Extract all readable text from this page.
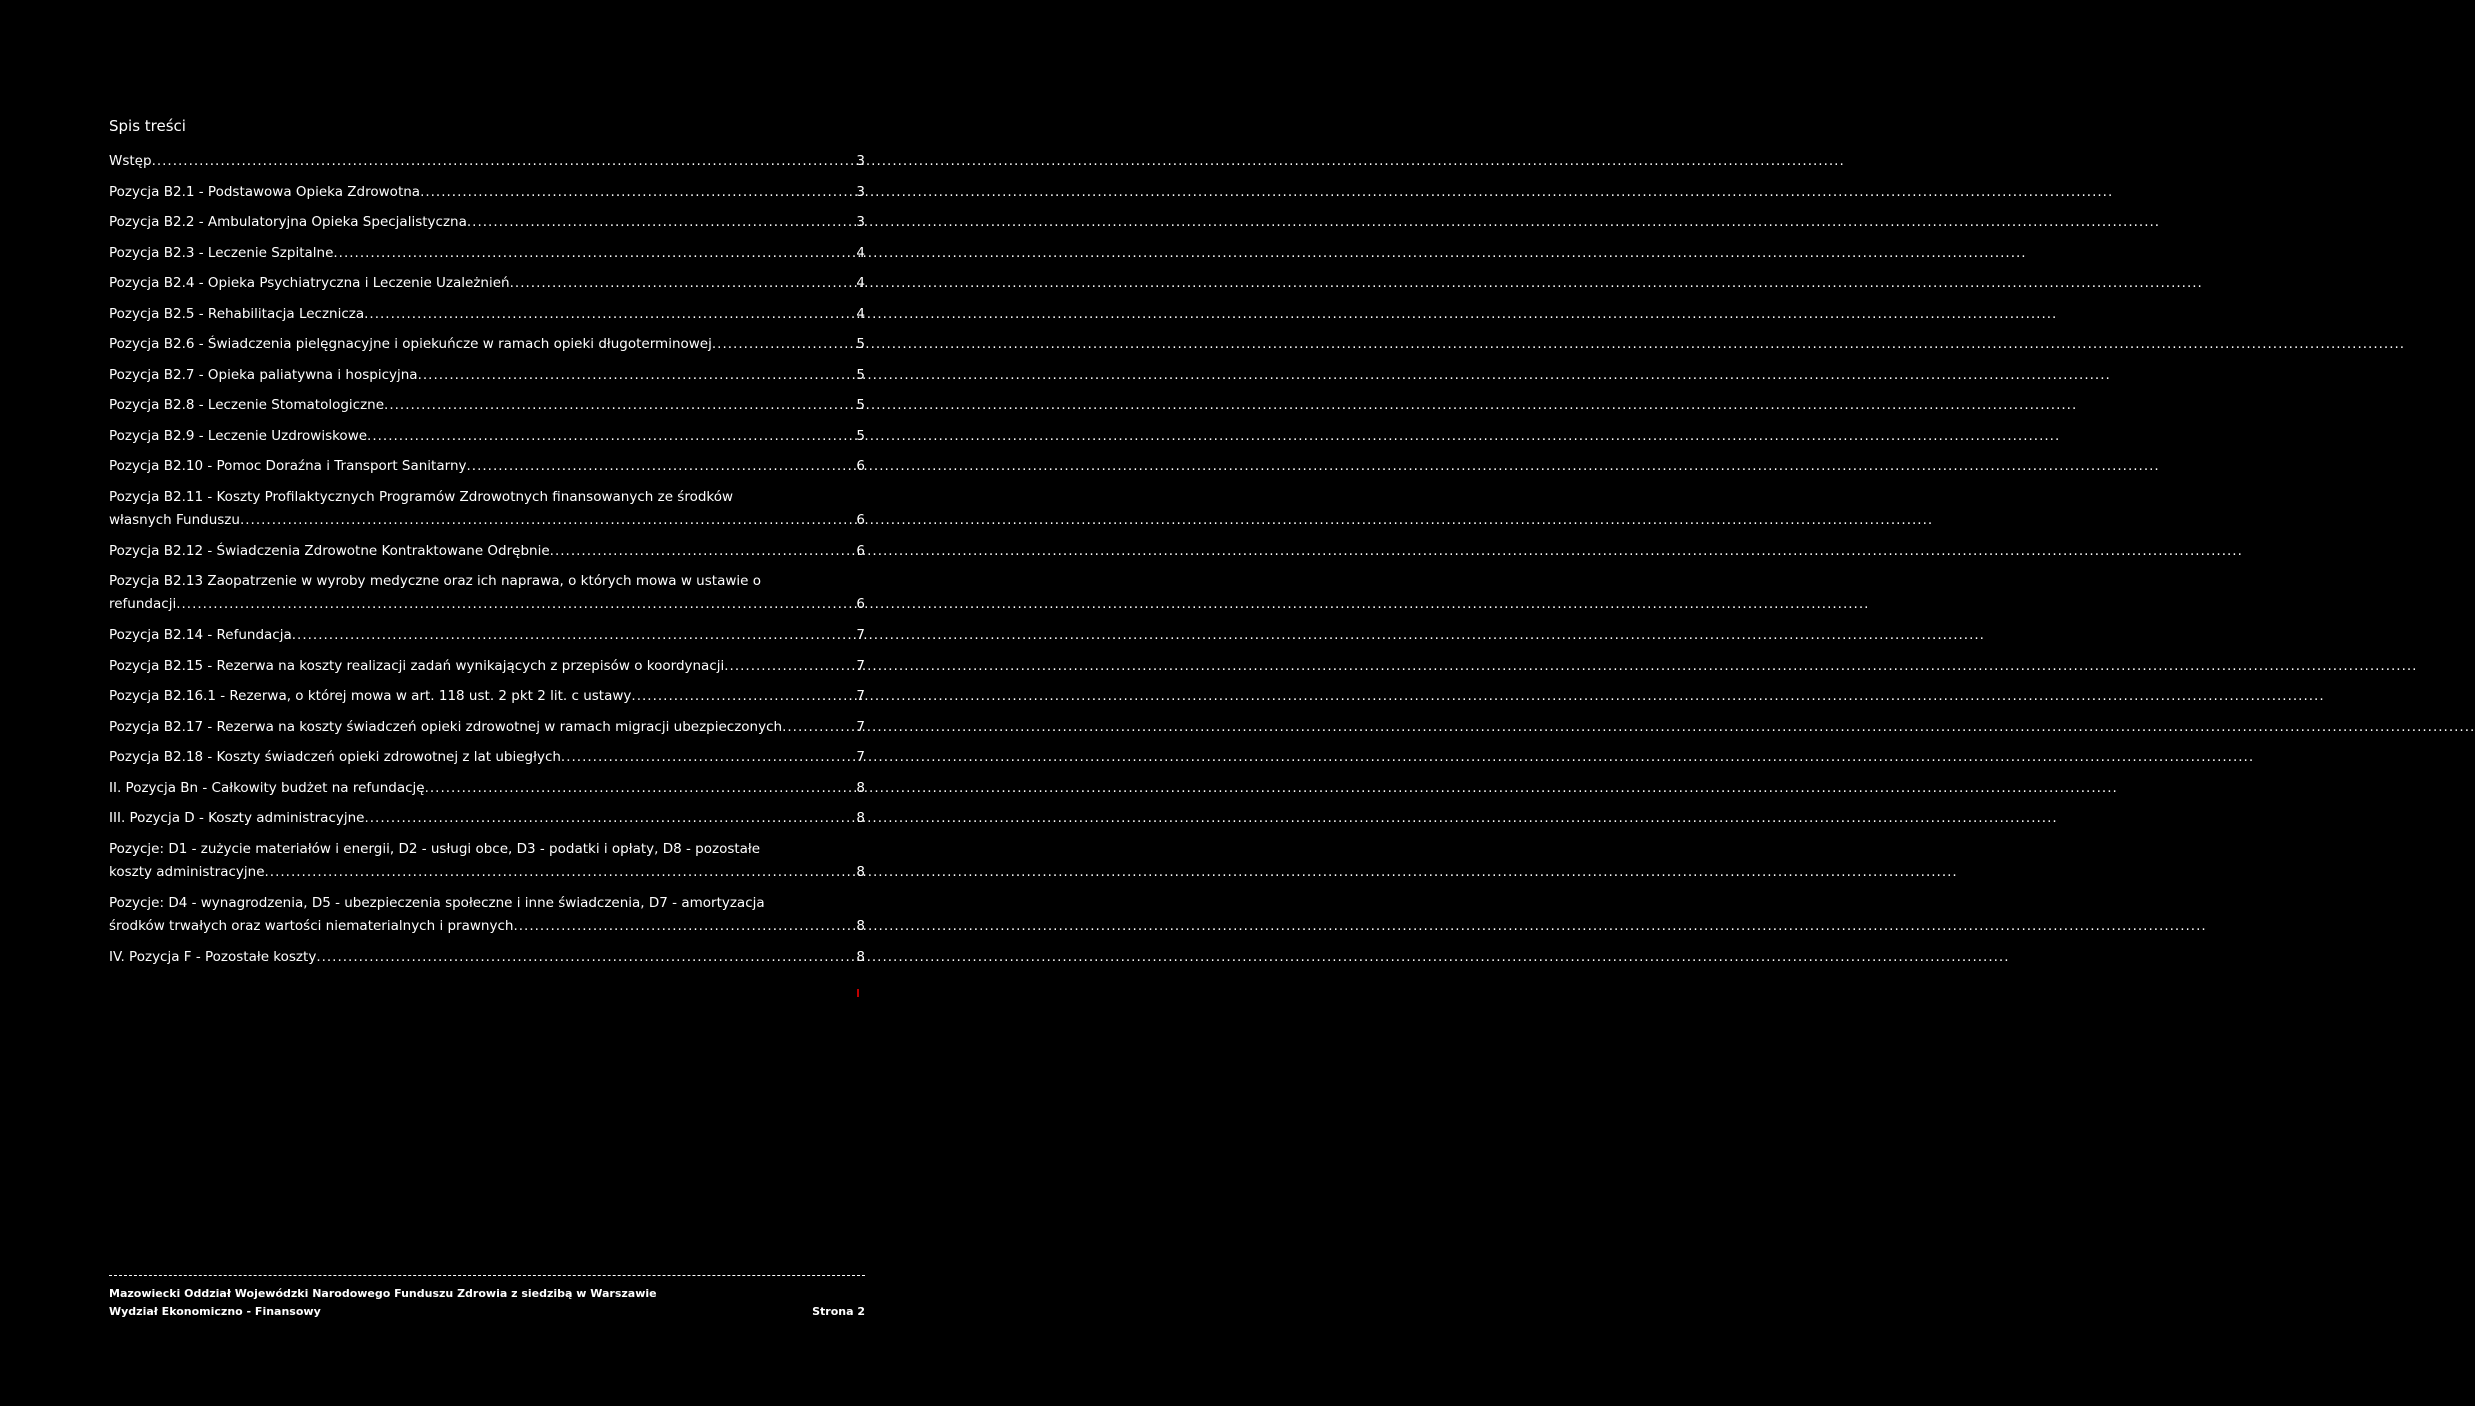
Spis treści
Wstęp .....	3
Pozycja B2.1 - Podstawowa Opieka Zdrowotna .....	3
Pozycja B2.2 - Ambulatoryjna Opieka Specjalistyczna .....	3
Pozycja B2.3 - Leczenie Szpitalne .....	4
Pozycja B2.4 - Opieka Psychiatryczna i Leczenie Uzależnień .....	4
Pozycja B2.5 - Rehabilitacja Lecznicza .....	4
Pozycja B2.6 - Świadczenia pielęgnacyjne i opiekuńcze w ramach opieki długoterminowej .....	5
Pozycja B2.7 - Opieka paliatywna i hospicyjna .....	5
Pozycja B2.8 - Leczenie Stomatologiczne .....	5
Pozycja B2.9 - Leczenie Uzdrowiskowe .....	5
Pozycja B2.10 - Pomoc Doraźna i Transport Sanitarny .....	6
Pozycja B2.11 - Koszty Profilaktycznych Programów Zdrowotnych finansowanych ze środków
własnych Funduszu .....	6
Pozycja B2.12 - Świadczenia Zdrowotne Kontraktowane Odrębnie .....	6
Pozycja B2.13 Zaopatrzenie w wyroby medyczne oraz ich naprawa, o których mowa w ustawie o
refundacji .....	6
Pozycja B2.14 - Refundacja .....	7
Pozycja B2.15 - Rezerwa na koszty realizacji zadań wynikających z przepisów o koordynacji .....	7
Pozycja B2.16.1 - Rezerwa, o której mowa w art. 118 ust. 2 pkt 2 lit. c ustawy .....	7
Pozycja B2.17 - Rezerwa na koszty świadczeń opieki zdrowotnej w ramach migracji ubezpieczonych .....	7
Pozycja B2.18 - Koszty świadczeń opieki zdrowotnej z lat ubiegłych .....	7
II. Pozycja Bn - Całkowity budżet na refundację .....	8
III. Pozycja D - Koszty administracyjne .....	8
Pozycje: D1 - zużycie materiałów i energii, D2 - usługi obce, D3 - podatki i opłaty, D8 - pozostałe
koszty administracyjne .....	8
Pozycje: D4 - wynagrodzenia, D5 - ubezpieczenia społeczne i inne świadczenia, D7 - amortyzacja
środków trwałych oraz wartości niematerialnych i prawnych .....	8
IV. Pozycja F - Pozostałe koszty .....	8
Mazowiecki Oddział Wojewódzki Narodowego Funduszu Zdrowia z siedzibą w Warszawie
Wydział Ekonomiczno - Finansowy	Strona 2
